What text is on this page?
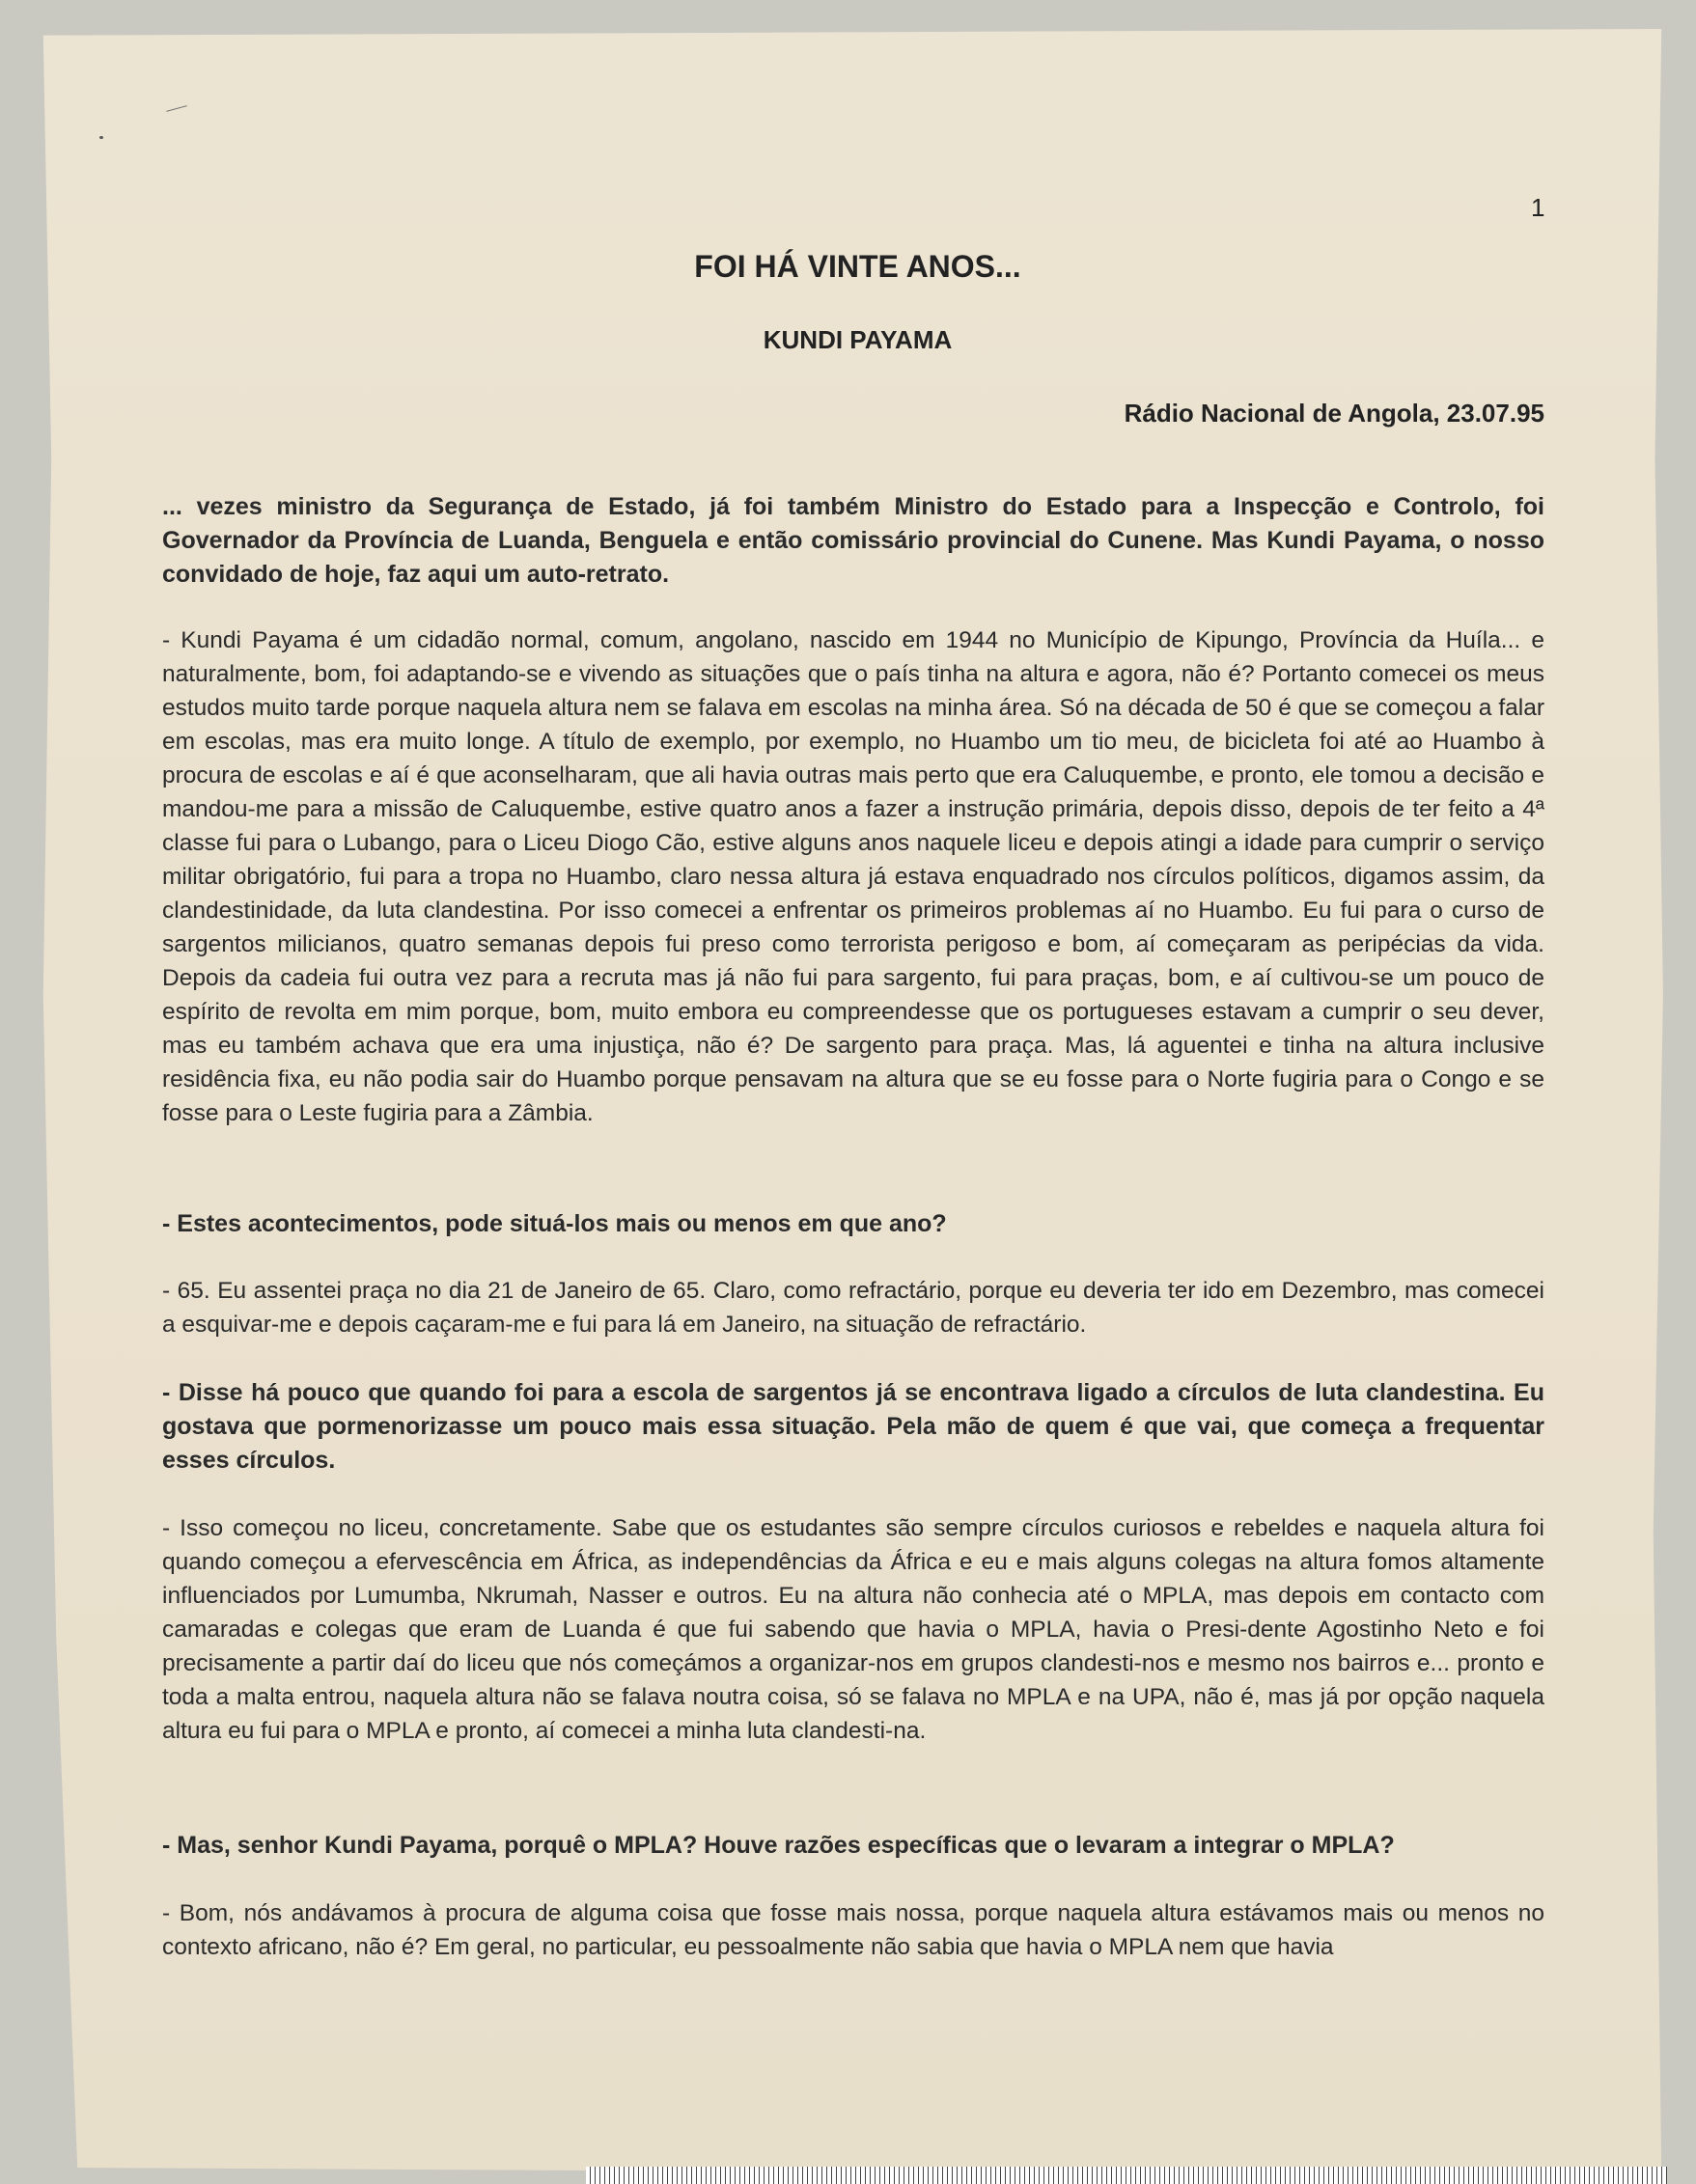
1
FOI HÁ VINTE ANOS...
KUNDI PAYAMA
Rádio Nacional de Angola, 23.07.95

... vezes ministro da Segurança de Estado, já foi também Ministro do Estado para a Inspecção e Controlo, foi Governador da Província de Luanda, Benguela e então comissário provincial do Cunene. Mas Kundi Payama, o nosso convidado de hoje, faz aqui um auto-retrato.

- Kundi Payama é um cidadão normal, comum, angolano, nascido em 1944 no Município de Kipungo, Província da Huíla... e naturalmente, bom, foi adaptando-se e vivendo as situações que o país tinha na altura e agora, não é? Portanto comecei os meus estudos muito tarde porque naquela altura nem se falava em escolas na minha área. Só na década de 50 é que se começou a falar em escolas, mas era muito longe. A título de exemplo, por exemplo, no Huambo um tio meu, de bicicleta foi até ao Huambo à procura de escolas e aí é que aconselharam, que ali havia outras mais perto que era Caluquembe, e pronto, ele tomou a decisão e mandou-me para a missão de Caluquembe, estive quatro anos a fazer a instrução primária, depois disso, depois de ter feito a 4ª classe fui para o Lubango, para o Liceu Diogo Cão, estive alguns anos naquele liceu e depois atingi a idade para cumprir o serviço militar obrigatório, fui para a tropa no Huambo, claro nessa altura já estava enquadrado nos círculos políticos, digamos assim, da clandestinidade, da luta clandestina. Por isso comecei a enfrentar os primeiros problemas aí no Huambo. Eu fui para o curso de sargentos milicianos, quatro semanas depois fui preso como terrorista perigoso e bom, aí começaram as peripécias da vida. Depois da cadeia fui outra vez para a recruta mas já não fui para sargento, fui para praças, bom, e aí cultivou-se um pouco de espírito de revolta em mim porque, bom, muito embora eu compreendesse que os portugueses estavam a cumprir o seu dever, mas eu também achava que era uma injustiça, não é? De sargento para praça. Mas, lá aguentei e tinha na altura inclusive residência fixa, eu não podia sair do Huambo porque pensavam na altura que se eu fosse para o Norte fugiria para o Congo e se fosse para o Leste fugiria para a Zâmbia.

- Estes acontecimentos, pode situá-los mais ou menos em que ano?

- 65. Eu assentei praça no dia 21 de Janeiro de 65. Claro, como refractário, porque eu deveria ter ido em Dezembro, mas comecei a esquivar-me e depois caçaram-me e fui para lá em Janeiro, na situação de refractário.

- Disse há pouco que quando foi para a escola de sargentos já se encontrava ligado a círculos de luta clandestina. Eu gostava que pormenorizasse um pouco mais essa situação. Pela mão de quem é que vai, que começa a frequentar esses círculos.

- Isso começou no liceu, concretamente. Sabe que os estudantes são sempre círculos curiosos e rebeldes e naquela altura foi quando começou a efervescência em África, as independências da África e eu e mais alguns colegas na altura fomos altamente influenciados por Lumumba, Nkrumah, Nasser e outros. Eu na altura não conhecia até o MPLA, mas depois em contacto com camaradas e colegas que eram de Luanda é que fui sabendo que havia o MPLA, havia o Presi-dente Agostinho Neto e foi precisamente a partir daí do liceu que nós começámos a organizar-nos em grupos clandesti-nos e mesmo nos bairros e... pronto e toda a malta entrou, naquela altura não se falava noutra coisa, só se falava no MPLA e na UPA, não é, mas já por opção naquela altura eu fui para o MPLA e pronto, aí comecei a minha luta clandesti-na.

- Mas, senhor Kundi Payama, porquê o MPLA? Houve razões específicas que o levaram a integrar o MPLA?

- Bom, nós andávamos à procura de alguma coisa que fosse mais nossa, porque naquela altura estávamos mais ou menos no contexto africano, não é? Em geral, no particular, eu pessoalmente não sabia que havia o MPLA nem que havia
